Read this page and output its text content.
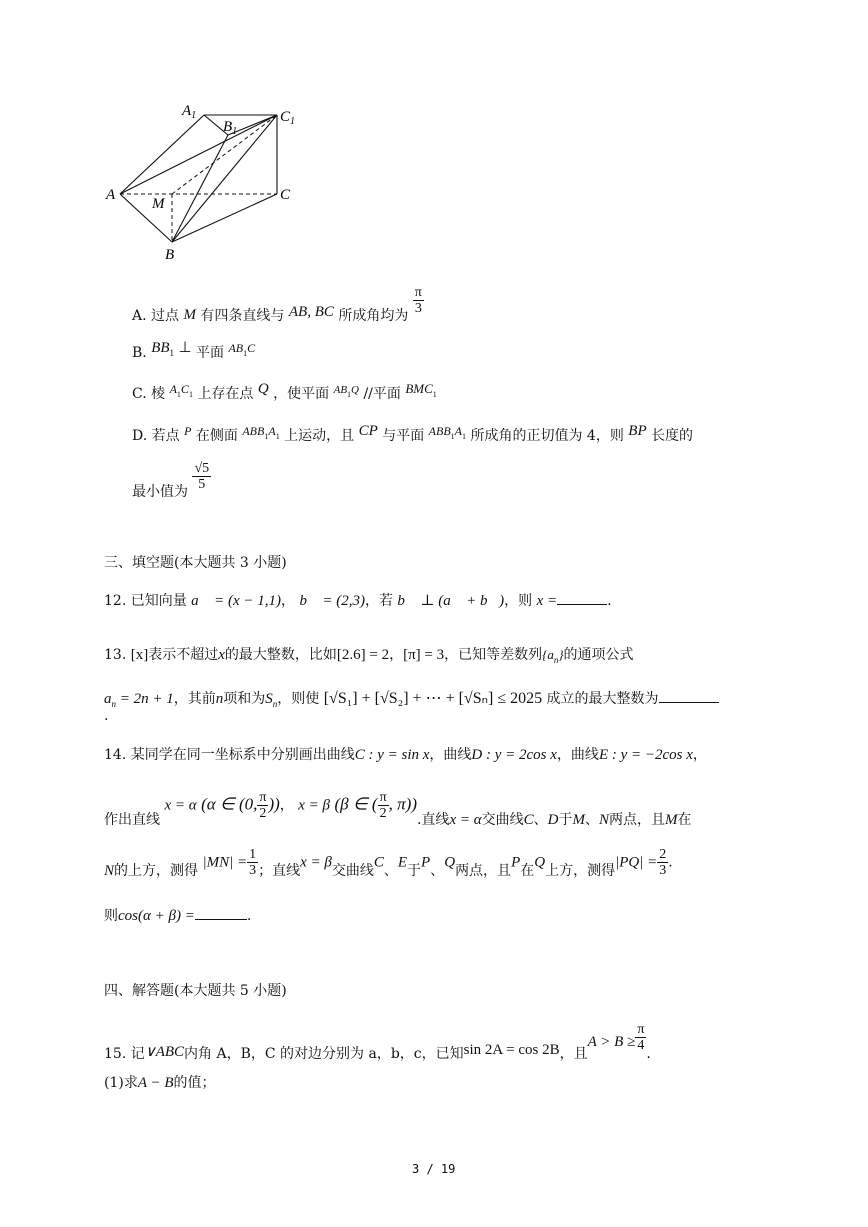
$A_1$
$B_1$
$C_1$
A
M
C
B
A. 过点 M 有四条直线与 AB, BC 所成角均为 $\frac{\pi}{3}$
B. $BB_1$ ⊥ 平面 $AB_1C$
C. 棱 $A_1C_1$ 上存在点 Q ，使平面 $AB_1Q$ //平面 $BMC_1$
D. 若点 P 在侧面 $ABB_1A_1$ 上运动，且 CP 与平面 $ABB_1A_1$ 所成角的正切值为 4，则 BP 长度的
最小值为 $\frac{√5}{5}$
三、填空题(本大题共 3 小题)
12. 已知向量 a⃗ = (x − 1,1)， b⃗ = (2,3)，若 b⃗ ⊥ (a⃗ + b⃗)，则 x =	.
13. [x]表示不超过x的最大整数，比如[2.6] = 2，[π] = 3，已知等差数列$\{a_n\}$的通项公式
$a_n = 2n + 1$，其前n项和为$S_n$，则使 [√S₁] + [√S₂] + ⋯ + [√Sₙ] ≤ 2025 成立的最大整数为
.
14. 某同学在同一坐标系中分别画出曲线C : y = sin x，曲线D : y = 2cos x，曲线E : y = −2cos x，
作出直线 x = α (α ∈ (0, $\frac{\pi}{2}$ ))， x = β (β ∈ ( $\frac{\pi}{2}$ , π)).直线x = α交曲线C、D于M、N两点，且M在
N的上方，测得 $|MN| = \frac{1}{3}$ ；直线x = β交曲线C、E于P、Q两点，且P在Q上方，测得$|PQ| = \frac{2}{3}$ .
则cos(α + β) =	.
四、解答题(本大题共 5 小题)
15. 记∨ABC内角 A，B，C 的对边分别为 a，b，c，已知sin 2A = cos 2B，且$A > B \ge \frac{\pi}{4}$
.
(1)求A − B的值；
3 / 19
